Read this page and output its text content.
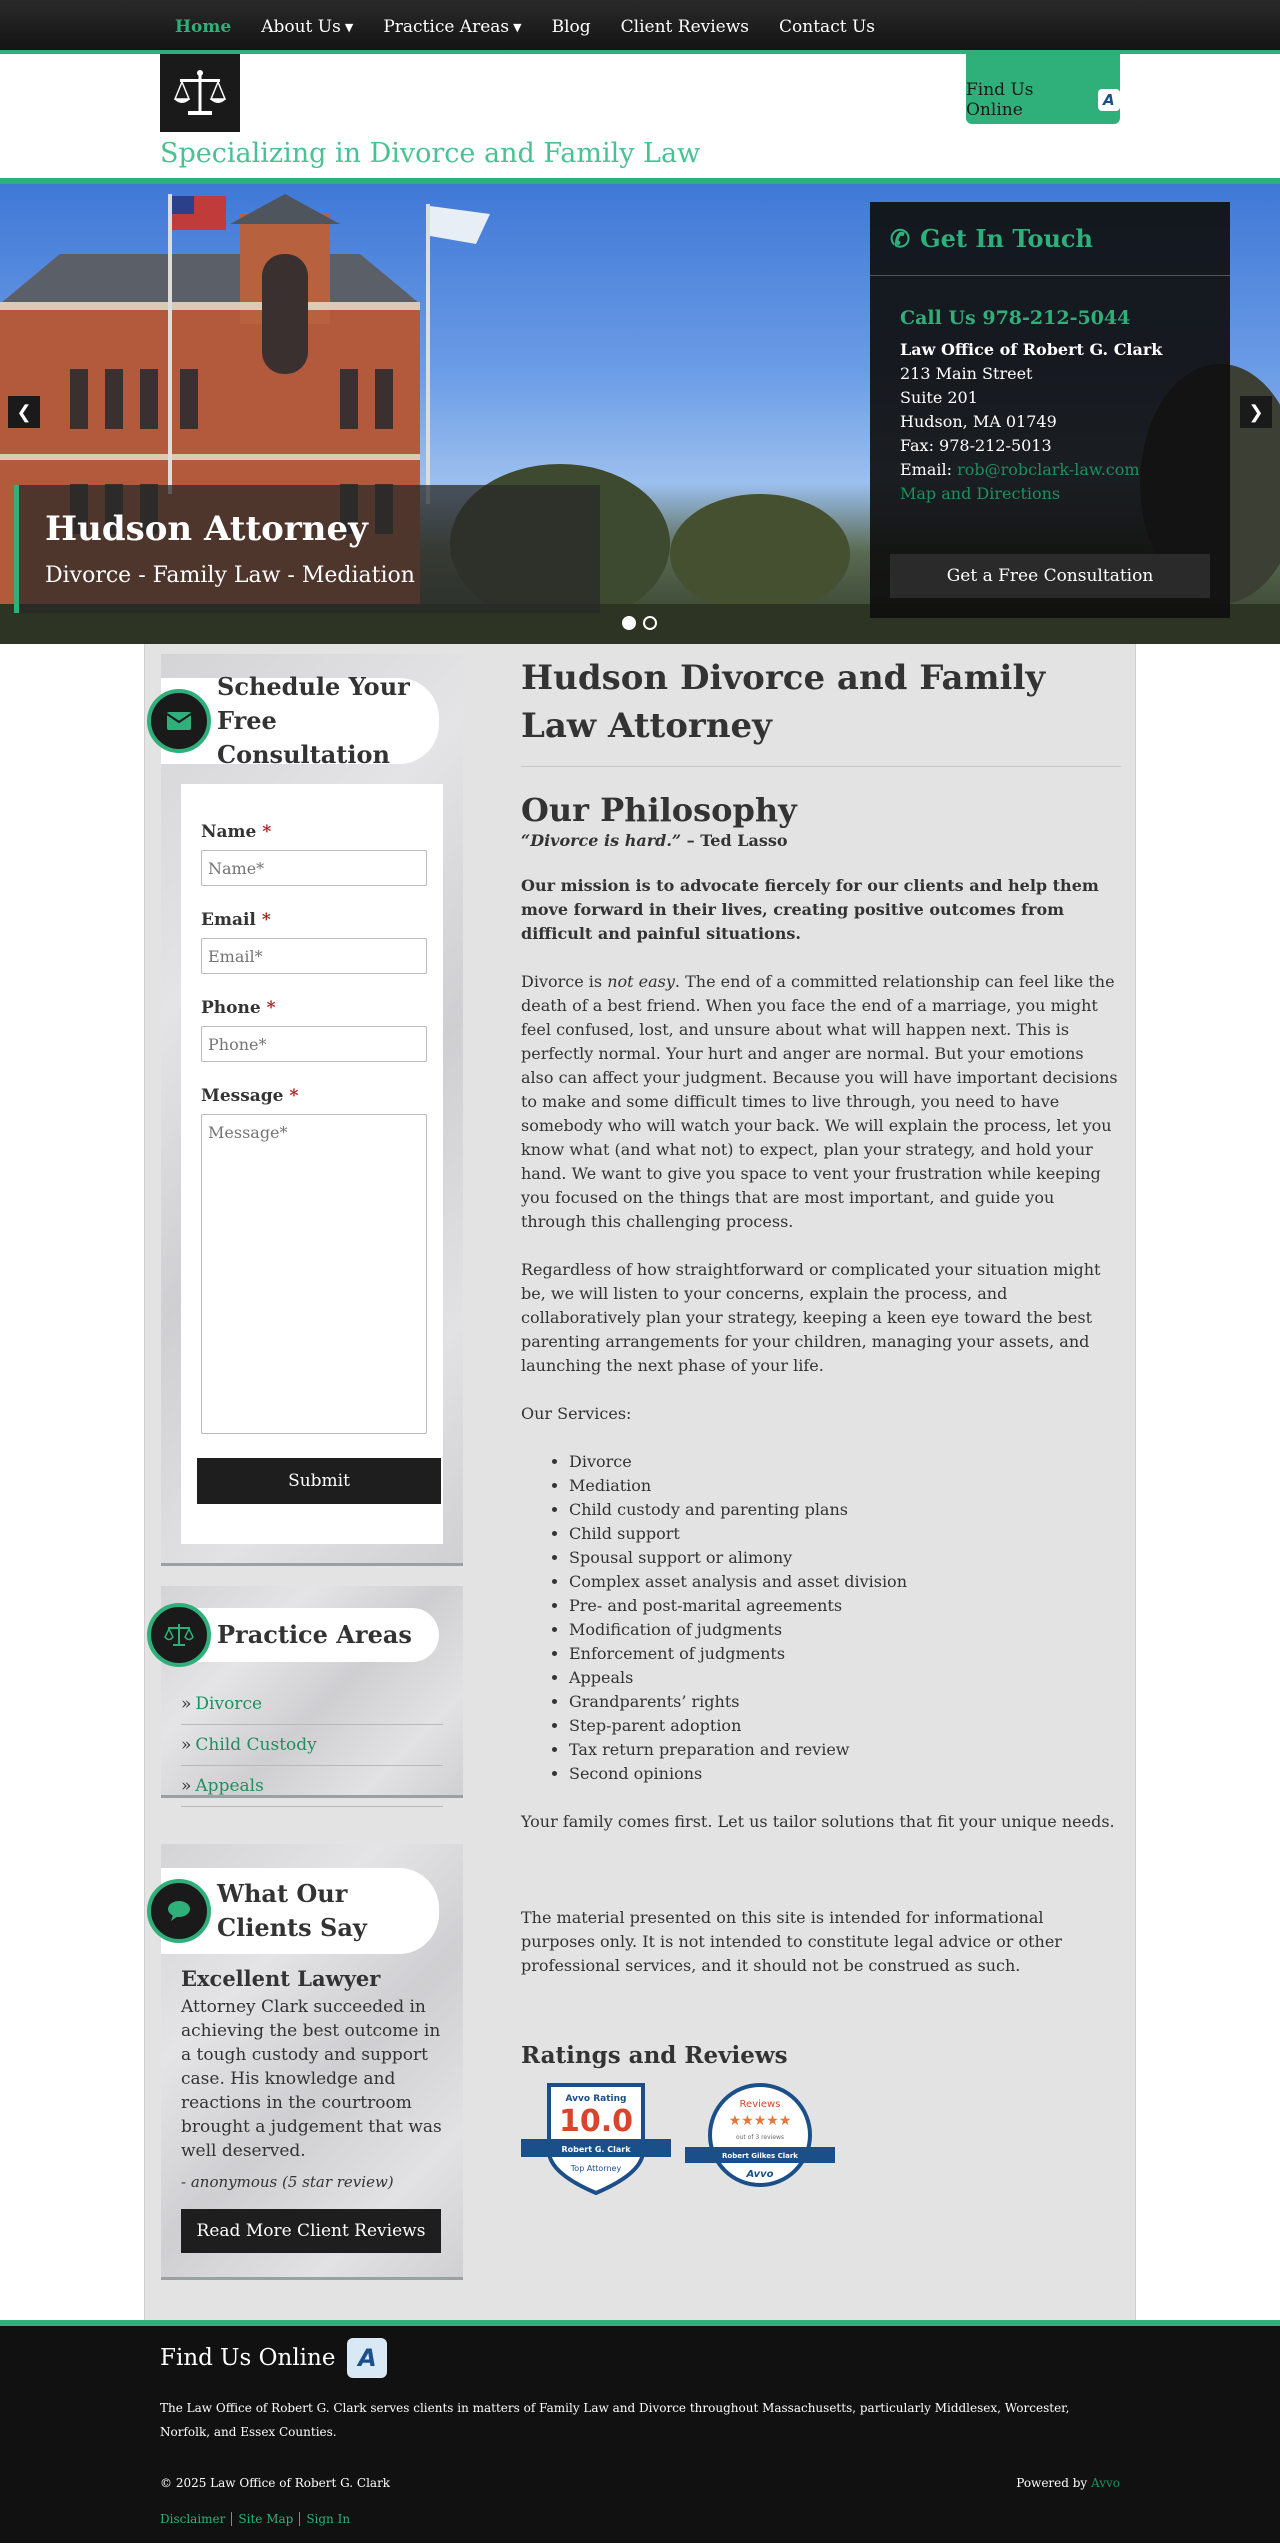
Home About Us ▼ Practice Areas ▼ Blog Client Reviews Contact Us
Specializing in Divorce and Family Law
Find Us Online	A
Hudson Attorney
Divorce - Family Law - Mediation
❮	❯
✆ Get In Touch
Call Us 978-212-5044
Law Office of Robert G. Clark
213 Main Street
Suite 201
Hudson, MA 01749
Fax: 978-212-5013
Email: rob@robclark-law.com
Map and Directions
Get a Free Consultation
Schedule Your Free Consultation
Name *
Name*
Email *
Email*
Phone *
Phone*
Message *
Message*
Submit
Practice Areas
» Divorce
» Child Custody
» Appeals
What Our Clients Say
Excellent Lawyer
Attorney Clark succeeded in achieving the best outcome in a tough custody and support case. His knowledge and reactions in the courtroom brought a judgement that was well deserved.
- anonymous (5 star review)
Read More Client Reviews
Hudson Divorce and Family Law Attorney
Our Philosophy
“Divorce is hard.” – Ted Lasso
Our mission is to advocate fiercely for our clients and help them move forward in their lives, creating positive outcomes from difficult and painful situations.
Divorce is not easy. The end of a committed relationship can feel like the death of a best friend. When you face the end of a marriage, you might feel confused, lost, and unsure about what will happen next. This is perfectly normal. Your hurt and anger are normal. But your emotions also can affect your judgment. Because you will have important decisions to make and some difficult times to live through, you need to have somebody who will watch your back. We will explain the process, let you know what (and what not) to expect, plan your strategy, and hold your hand. We want to give you space to vent your frustration while keeping you focused on the things that are most important, and guide you through this challenging process.
Regardless of how straightforward or complicated your situation might be, we will listen to your concerns, explain the process, and collaboratively plan your strategy, keeping a keen eye toward the best parenting arrangements for your children, managing your assets, and launching the next phase of your life.
Our Services:
• Divorce
• Mediation
• Child custody and parenting plans
• Child support
• Spousal support or alimony
• Complex asset analysis and asset division
• Pre- and post-marital agreements
• Modification of judgments
• Enforcement of judgments
• Appeals
• Grandparents’ rights
• Step-parent adoption
• Tax return preparation and review
• Second opinions
Your family comes first. Let us tailor solutions that fit your unique needs.
The material presented on this site is intended for informational purposes only. It is not intended to constitute legal advice or other professional services, and it should not be construed as such.
Ratings and Reviews
Avvo Rating
10.0
Robert G. Clark
Top Attorney
Reviews
★★★★★
out of 3 reviews
Robert Gilkes Clark
Avvo
Find Us Online A
The Law Office of Robert G. Clark serves clients in matters of Family Law and Divorce throughout Massachusetts, particularly Middlesex, Worcester, Norfolk, and Essex Counties.
© 2025 Law Office of Robert G. Clark	Powered by Avvo
Disclaimer	Site Map	Sign In
